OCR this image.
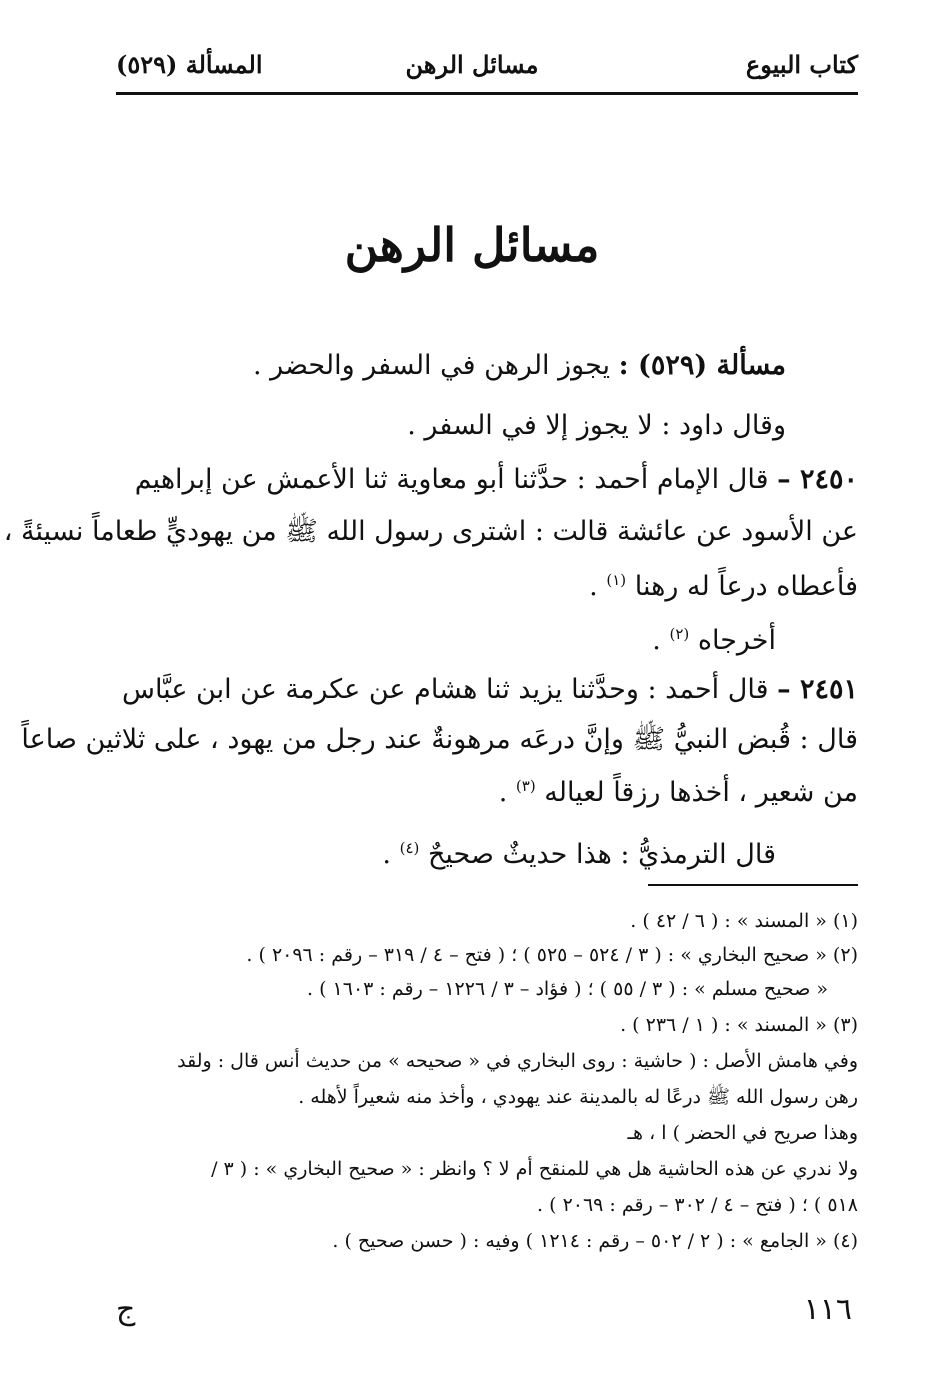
كتاب البيوع
مسائل الرهن
المسألة (٥٢٩)
مسائل الرهن
مسألة (٥٢٩) : يجوز الرهن في السفر والحضر .
وقال داود : لا يجوز إلا في السفر .
٢٤٥٠ – قال الإمام أحمد : حدَّثنا أبو معاوية ثنا الأعمش عن إبراهيم
عن الأسود عن عائشة قالت : اشترى رسول الله ﷺ من يهوديٍّ طعاماً نسيئةً ،
فأعطاه درعاً له رهنا $^{(١)}$ .
أخرجاه $^{(٢)}$ .
٢٤٥١ – قال أحمد : وحدَّثنا يزيد ثنا هشام عن عكرمة عن ابن عبَّاس
قال : قُبض النبيُّ ﷺ وإنَّ درعَه مرهونةٌ عند رجل من يهود ، على ثلاثين صاعاً
من شعير ، أخذها رزقاً لعياله $^{(٣)}$ .
قال الترمذيُّ : هذا حديثٌ صحيحٌ $^{(٤)}$ .
(١) « المسند » : ( ٦ / ٤٢ ) .
(٢) « صحيح البخاري » : ( ٣ / ٥٢٤ – ٥٢٥ ) ؛ ( فتح – ٤ / ٣١٩ – رقم : ٢٠٩٦ ) .
« صحيح مسلم » : ( ٣ / ٥٥ ) ؛ ( فؤاد – ٣ / ١٢٢٦ – رقم : ١٦٠٣ ) .
(٣) « المسند » : ( ١ / ٢٣٦ ) .
وفي هامش الأصل : ( حاشية : روى البخاري في « صحيحه » من حديث أنس قال : ولقد
رهن رسول الله ﷺ درعًا له بالمدينة عند يهودي ، وأخذ منه شعيراً لأهله .
وهذا صريح في الحضر ) ا ، هـ
ولا ندري عن هذه الحاشية هل هي للمنقح أم لا ؟ وانظر : « صحيح البخاري » : ( ٣ /
٥١٨ ) ؛ ( فتح – ٤ / ٣٠٢ – رقم : ٢٠٦٩ ) .
(٤) « الجامع » : ( ٢ / ٥٠٢ – رقم : ١٢١٤ ) وفيه : ( حسن صحيح ) .
١١٦
ج
